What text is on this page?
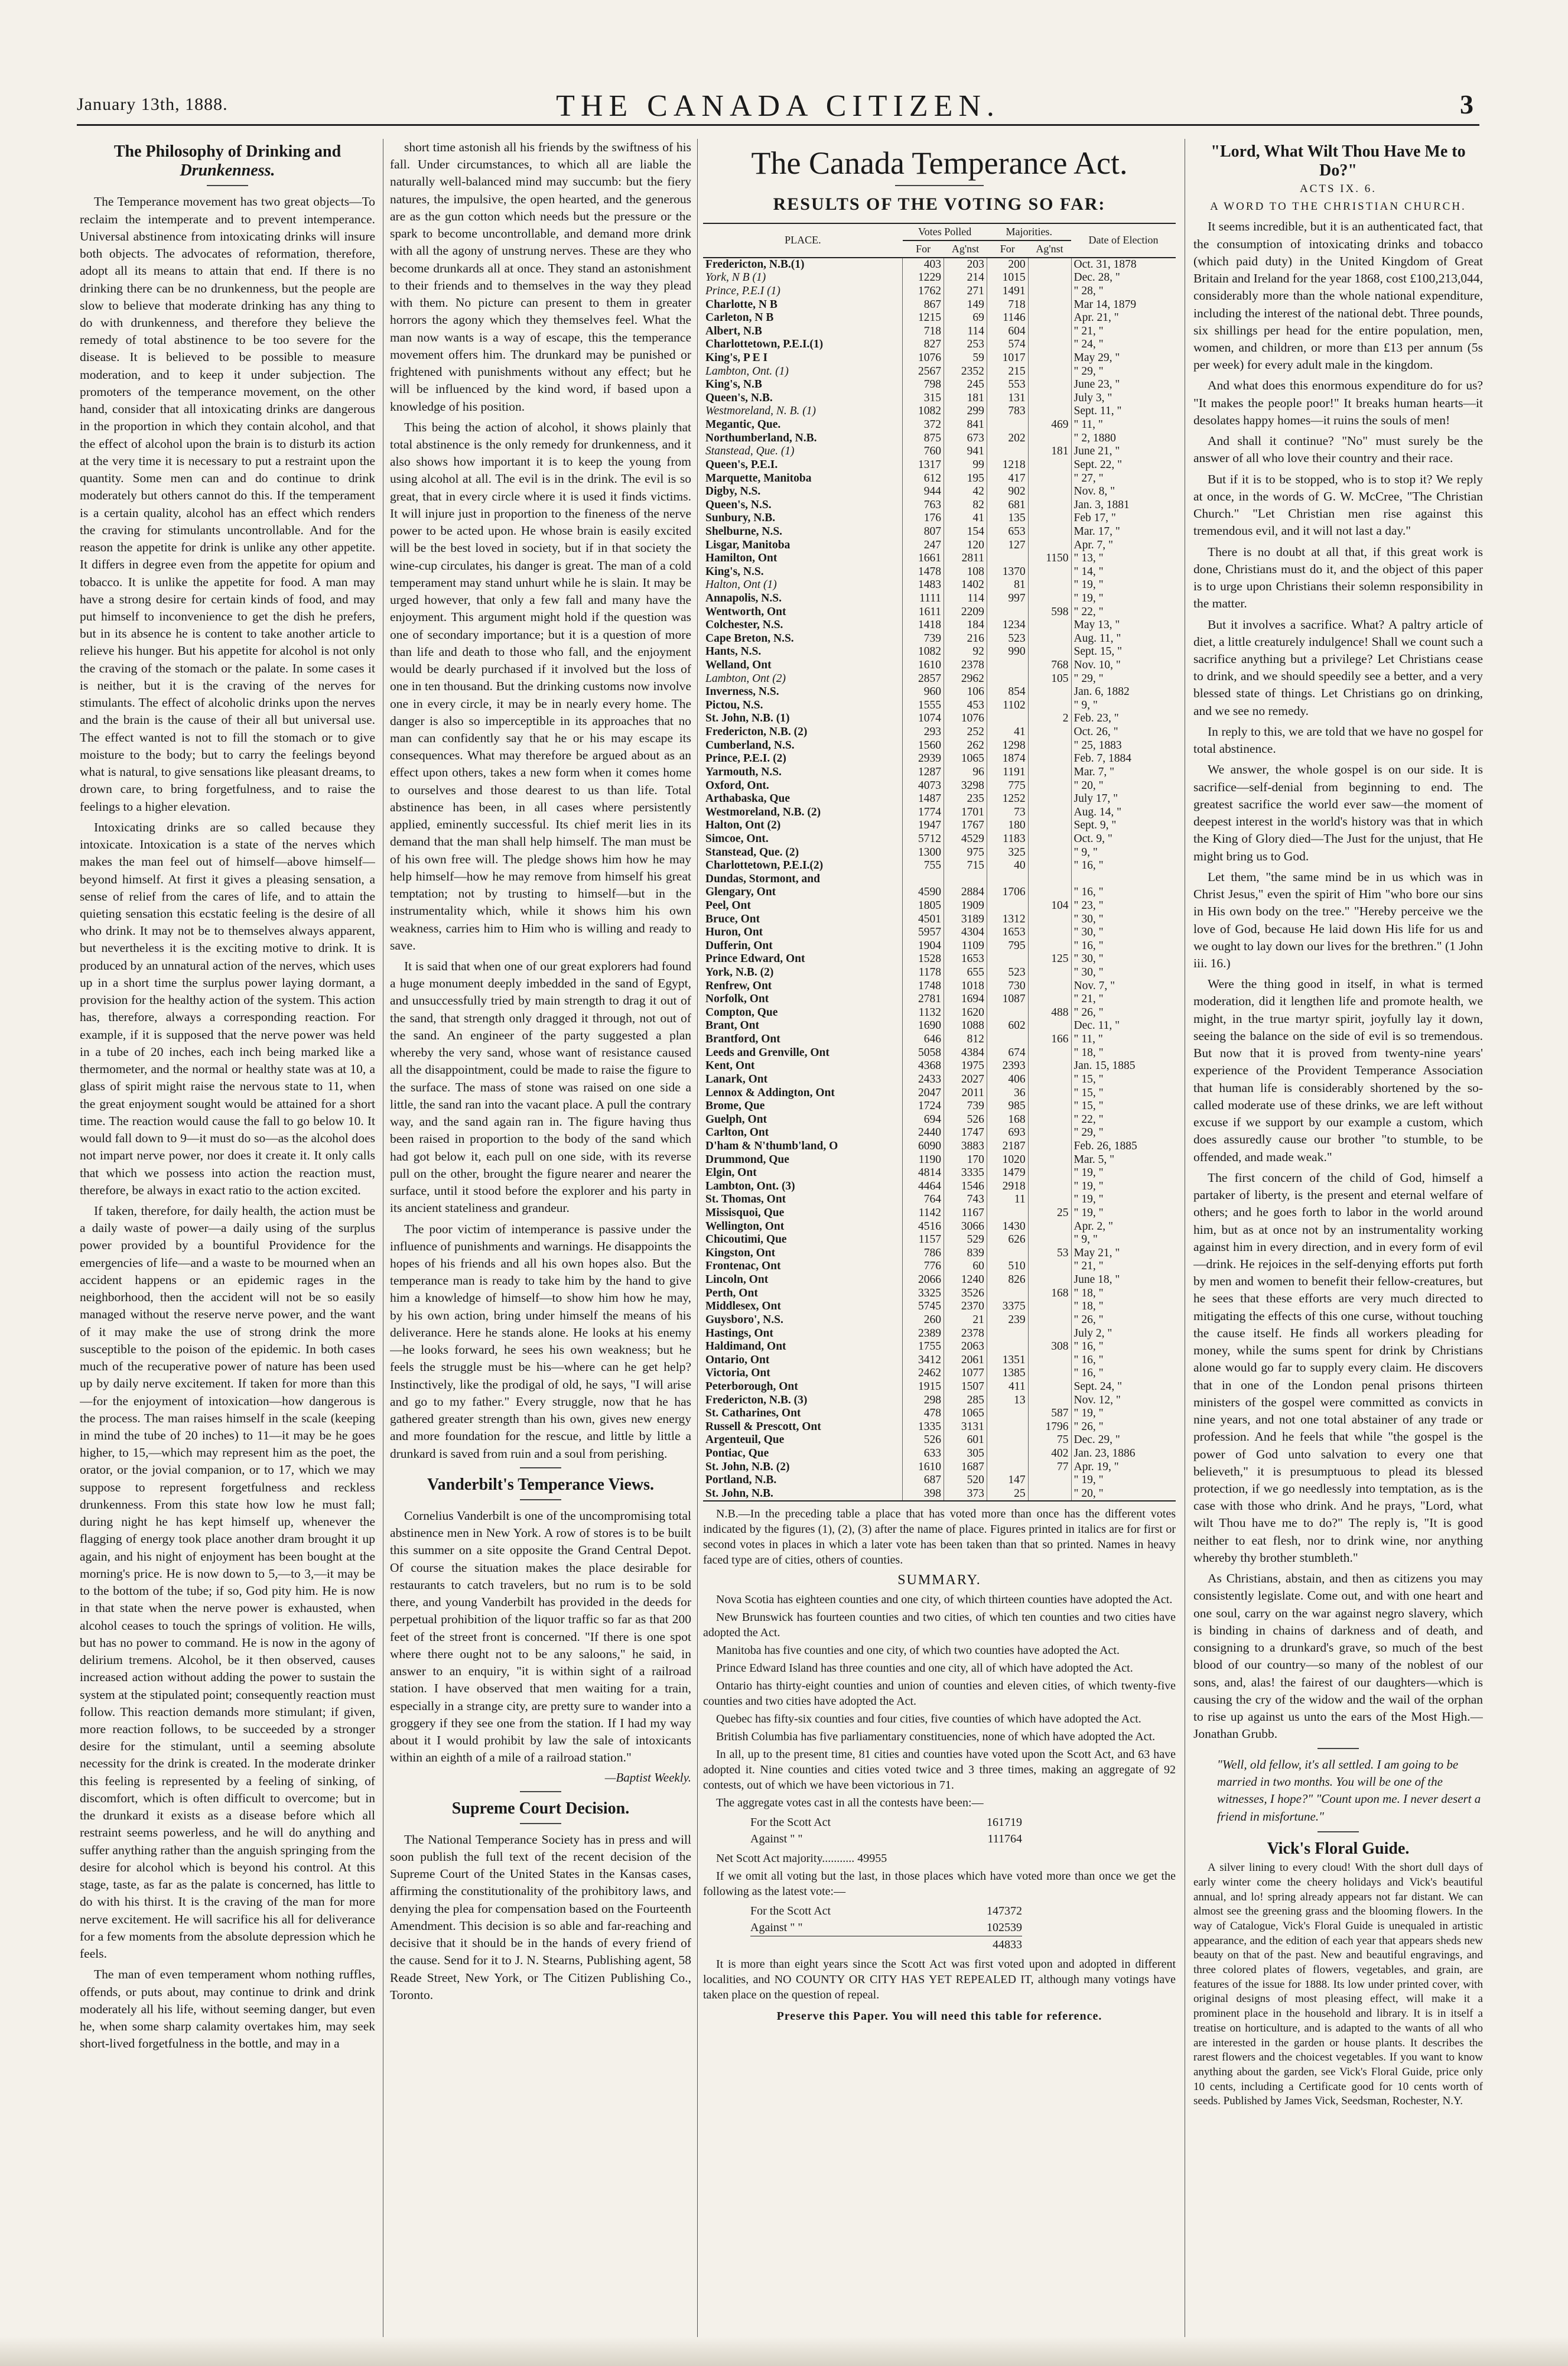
January 13th, 1888.	THE CANADA CITIZEN.	3
The Philosophy of Drinking and
Drunkenness.

The Temperance movement has two great objects—To reclaim the intemperate and to prevent intemperance. Universal abstinence from intoxicating drinks will insure both objects. The advocates of reformation, therefore, adopt all its means to attain that end. If there is no drinking there can be no drunkenness, but the people are slow to believe that moderate drinking has any thing to do with drunkenness, and therefore they believe the remedy of total abstinence to be too severe for the disease. It is believed to be possible to measure moderation, and to keep it under subjection. The promoters of the temperance movement, on the other hand, consider that all intoxicating drinks are dangerous in the proportion in which they contain alcohol, and that the effect of alcohol upon the brain is to disturb its action at the very time it is necessary to put a restraint upon the quantity. Some men can and do continue to drink moderately but others cannot do this. If the temperament is a certain quality, alcohol has an effect which renders the craving for stimulants uncontrollable. And for the reason the appetite for drink is unlike any other appetite. It differs in degree even from the appetite for opium and tobacco. It is unlike the appetite for food. A man may have a strong desire for certain kinds of food, and may put himself to inconvenience to get the dish he prefers, but in its absence he is content to take another article to relieve his hunger. But his appetite for alcohol is not only the craving of the stomach or the palate. In some cases it is neither, but it is the craving of the nerves for stimulants. The effect of alcoholic drinks upon the nerves and the brain is the cause of their all but universal use. The effect wanted is not to fill the stomach or to give moisture to the body; but to carry the feelings beyond what is natural, to give sensations like pleasant dreams, to drown care, to bring forgetfulness, and to raise the feelings to a higher elevation.

Intoxicating drinks are so called because they intoxicate. Intoxication is a state of the nerves which makes the man feel out of himself—above himself—beyond himself. At first it gives a pleasing sensation, a sense of relief from the cares of life, and to attain the quieting sensation this ecstatic feeling is the desire of all who drink. It may not be to themselves always apparent, but nevertheless it is the exciting motive to drink. It is produced by an unnatural action of the nerves, which uses up in a short time the surplus power laying dormant, a provision for the healthy action of the system. This action has, therefore, always a corresponding reaction. For example, if it is supposed that the nerve power was held in a tube of 20 inches, each inch being marked like a thermometer, and the normal or healthy state was at 10, a glass of spirit might raise the nervous state to 11, when the great enjoyment sought would be attained for a short time. The reaction would cause the fall to go below 10. It would fall down to 9—it must do so—as the alcohol does not impart nerve power, nor does it create it. It only calls that which we possess into action the reaction must, therefore, be always in exact ratio to the action excited.

If taken, therefore, for daily health, the action must be a daily waste of power—a daily using of the surplus power provided by a bountiful Providence for the emergencies of life—and a waste to be mourned when an accident happens or an epidemic rages in the neighborhood, then the accident will not be so easily managed without the reserve nerve power, and the want of it may make the use of strong drink the more susceptible to the poison of the epidemic. In both cases much of the recuperative power of nature has been used up by daily nerve excitement. If taken for more than this—for the enjoyment of intoxication—how dangerous is the process. The man raises himself in the scale (keeping in mind the tube of 20 inches) to 11—it may be he goes higher, to 15,—which may represent him as the poet, the orator, or the jovial companion, or to 17, which we may suppose to represent forgetfulness and reckless drunkenness. From this state how low he must fall; during night he has kept himself up, whenever the flagging of energy took place another dram brought it up again, and his night of enjoyment has been bought at the morning's price. He is now down to 5,—to 3,—it may be to the bottom of the tube; if so, God pity him. He is now in that state when the nerve power is exhausted, when alcohol ceases to touch the springs of volition. He wills, but has no power to command. He is now in the agony of delirium tremens. Alcohol, be it then observed, causes increased action without adding the power to sustain the system at the stipulated point; consequently reaction must follow. This reaction demands more stimulant; if given, more reaction follows, to be succeeded by a stronger desire for the stimulant, until a seeming absolute necessity for the drink is created. In the moderate drinker this feeling is represented by a feeling of sinking, of discomfort, which is often difficult to overcome; but in the drunkard it exists as a disease before which all restraint seems powerless, and he will do anything and suffer anything rather than the anguish springing from the desire for alcohol which is beyond his control. At this stage, taste, as far as the palate is concerned, has little to do with his thirst. It is the craving of the man for more nerve excitement. He will sacrifice his all for deliverance for a few moments from the absolute depression which he feels.

The man of even temperament whom nothing ruffles, offends, or puts about, may continue to drink and drink moderately all his life, without seeming danger, but even he, when some sharp calamity overtakes him, may seek short-lived forgetfulness in the bottle, and may in a

short time astonish all his friends by the swiftness of his fall. Under circumstances, to which all are liable the naturally well-balanced mind may succumb: but the fiery natures, the impulsive, the open hearted, and the generous are as the gun cotton which needs but the pressure or the spark to become uncontrollable, and demand more drink with all the agony of unstrung nerves. These are they who become drunkards all at once. They stand an astonishment to their friends and to themselves in the way they plead with them. No picture can present to them in greater horrors the agony which they themselves feel. What the man now wants is a way of escape, this the temperance movement offers him. The drunkard may be punished or frightened with punishments without any effect; but he will be influenced by the kind word, if based upon a knowledge of his position.

This being the action of alcohol, it shows plainly that total abstinence is the only remedy for drunkenness, and it also shows how important it is to keep the young from using alcohol at all. The evil is in the drink. The evil is so great, that in every circle where it is used it finds victims. It will injure just in proportion to the fineness of the nerve power to be acted upon. He whose brain is easily excited will be the best loved in society, but if in that society the wine-cup circulates, his danger is great. The man of a cold temperament may stand unhurt while he is slain. It may be urged however, that only a few fall and many have the enjoyment. This argument might hold if the question was one of secondary importance; but it is a question of more than life and death to those who fall, and the enjoyment would be dearly purchased if it involved but the loss of one in ten thousand. But the drinking customs now involve one in every circle, it may be in nearly every home. The danger is also so imperceptible in its approaches that no man can confidently say that he or his may escape its consequences. What may therefore be argued about as an effect upon others, takes a new form when it comes home to ourselves and those dearest to us than life. Total abstinence has been, in all cases where persistently applied, eminently successful. Its chief merit lies in its demand that the man shall help himself. The man must be of his own free will. The pledge shows him how he may help himself—how he may remove from himself his great temptation; not by trusting to himself—but in the instrumentality which, while it shows him his own weakness, carries him to Him who is willing and ready to save.

It is said that when one of our great explorers had found a huge monument deeply imbedded in the sand of Egypt, and unsuccessfully tried by main strength to drag it out of the sand, that strength only dragged it through, not out of the sand. An engineer of the party suggested a plan whereby the very sand, whose want of resistance caused all the disappointment, could be made to raise the figure to the surface. The mass of stone was raised on one side a little, the sand ran into the vacant place. A pull the contrary way, and the sand again ran in. The figure having thus been raised in proportion to the body of the sand which had got below it, each pull on one side, with its reverse pull on the other, brought the figure nearer and nearer the surface, until it stood before the explorer and his party in its ancient stateliness and grandeur.

The poor victim of intemperance is passive under the influence of punishments and warnings. He disappoints the hopes of his friends and all his own hopes also. But the temperance man is ready to take him by the hand to give him a knowledge of himself—to show him how he may, by his own action, bring under himself the means of his deliverance. Here he stands alone. He looks at his enemy—he looks forward, he sees his own weakness; but he feels the struggle must be his—where can he get help? Instinctively, like the prodigal of old, he says, "I will arise and go to my father." Every struggle, now that he has gathered greater strength than his own, gives new energy and more foundation for the rescue, and little by little a drunkard is saved from ruin and a soul from perishing.

Vanderbilt's Temperance Views.

Cornelius Vanderbilt is one of the uncompromising total abstinence men in New York. A row of stores is to be built this summer on a site opposite the Grand Central Depot. Of course the situation makes the place desirable for restaurants to catch travelers, but no rum is to be sold there, and young Vanderbilt has provided in the deeds for perpetual prohibition of the liquor traffic so far as that 200 feet of the street front is concerned. "If there is one spot where there ought not to be any saloons," he said, in answer to an enquiry, "it is within sight of a railroad station. I have observed that men waiting for a train, especially in a strange city, are pretty sure to wander into a groggery if they see one from the station. If I had my way about it I would prohibit by law the sale of intoxicants within an eighth of a mile of a railroad station."

—Baptist Weekly.

Supreme Court Decision.

The National Temperance Society has in press and will soon publish the full text of the recent decision of the Supreme Court of the United States in the Kansas cases, affirming the constitutionality of the prohibitory laws, and denying the plea for compensation based on the Fourteenth Amendment. This decision is so able and far-reaching and decisive that it should be in the hands of every friend of the cause. Send for it to J. N. Stearns, Publishing agent, 58 Reade Street, New York, or The Citizen Publishing Co., Toronto.

The Canada Temperance Act.
RESULTS OF THE VOTING SO FAR:
PLACE.	Votes Polled		Majorities.		Date of Election
	For	Ag'nst	For	Ag'nst	
Fredericton, N.B.(1)	403	203	200		Oct. 31, 1878
York, N B (1)	1229	214	1015		Dec. 28, "
Prince, P.E.I (1)	1762	271	1491		" 28, "
Charlotte, N B	867	149	718		Mar 14, 1879
Carleton, N B	1215	69	1146		Apr. 21, "
Albert, N.B	718	114	604		" 21, "
Charlottetown, P.E.I.(1)	827	253	574		" 24, "
King's, P E I	1076	59	1017		May 29, "
Lambton, Ont. (1)	2567	2352	215		" 29, "
King's, N.B	798	245	553		June 23, "
Queen's, N.B.	315	181	131		July 3, "
Westmoreland, N. B. (1)	1082	299	783		Sept. 11, "
Megantic, Que.	372	841		469	" 11, "
Northumberland, N.B.	875	673	202		" 2, 1880
Stanstead, Que. (1)	760	941		181	June 21, "
Queen's, P.E.I.	1317	99	1218		Sept. 22, "
Marquette, Manitoba	612	195	417		" 27, "
Digby, N.S.	944	42	902		Nov. 8, "
Queen's, N.S.	763	82	681		Jan. 3, 1881
Sunbury, N.B.	176	41	135		Feb 17, "
Shelburne, N.S.	807	154	653		Mar. 17, "
Lisgar, Manitoba	247	120	127		Apr. 7, "
Hamilton, Ont	1661	2811		1150	" 13, "
King's, N.S.	1478	108	1370		" 14, "
Halton, Ont (1)	1483	1402	81		" 19, "
Annapolis, N.S.	1111	114	997		" 19, "
Wentworth, Ont	1611	2209		598	" 22, "
Colchester, N.S.	1418	184	1234		May 13, "
Cape Breton, N.S.	739	216	523		Aug. 11, "
Hants, N.S.	1082	92	990		Sept. 15, "
Welland, Ont	1610	2378		768	Nov. 10, "
Lambton, Ont (2)	2857	2962		105	" 29, "
Inverness, N.S.	960	106	854		Jan. 6, 1882
Pictou, N.S.	1555	453	1102		" 9, "
St. John, N.B. (1)	1074	1076		2	Feb. 23, "
Fredericton, N.B. (2)	293	252	41		Oct. 26, "
Cumberland, N.S.	1560	262	1298		" 25, 1883
Prince, P.E.I. (2)	2939	1065	1874		Feb. 7, 1884
Yarmouth, N.S.	1287	96	1191		Mar. 7, "
Oxford, Ont.	4073	3298	775		" 20, "
Arthabaska, Que	1487	235	1252		July 17, "
Westmoreland, N.B. (2)	1774	1701	73		Aug. 14, "
Halton, Ont (2)	1947	1767	180		Sept. 9, "
Simcoe, Ont.	5712	4529	1183		Oct. 9, "
Stanstead, Que. (2)	1300	975	325		" 9, "
Charlottetown, P.E.I.(2)	755	715	40		" 16, "
Dundas, Stormont, and					
Glengary, Ont	4590	2884	1706		" 16, "
Peel, Ont	1805	1909		104	" 23, "
Bruce, Ont	4501	3189	1312		" 30, "
Huron, Ont	5957	4304	1653		" 30, "
Dufferin, Ont	1904	1109	795		" 16, "
Prince Edward, Ont	1528	1653		125	" 30, "
York, N.B. (2)	1178	655	523		" 30, "
Renfrew, Ont	1748	1018	730		Nov. 7, "
Norfolk, Ont	2781	1694	1087		" 21, "
Compton, Que	1132	1620		488	" 26, "
Brant, Ont	1690	1088	602		Dec. 11, "
Brantford, Ont	646	812		166	" 11, "
Leeds and Grenville, Ont	5058	4384	674		" 18, "
Kent, Ont	4368	1975	2393		Jan. 15, 1885
Lanark, Ont	2433	2027	406		" 15, "
Lennox & Addington, Ont	2047	2011	36		" 15, "
Brome, Que	1724	739	985		" 15, "
Guelph, Ont	694	526	168		" 22, "
Carlton, Ont	2440	1747	693		" 29, "
D'ham & N'thumb'land, O	6090	3883	2187		Feb. 26, 1885
Drummond, Que	1190	170	1020		Mar. 5, "
Elgin, Ont	4814	3335	1479		" 19, "
Lambton, Ont. (3)	4464	1546	2918		" 19, "
St. Thomas, Ont	764	743	11		" 19, "
Missisquoi, Que	1142	1167		25	" 19, "
Wellington, Ont	4516	3066	1430		Apr. 2, "
Chicoutimi, Que	1157	529	626		" 9, "
Kingston, Ont	786	839		53	May 21, "
Frontenac, Ont	776	60	510		" 21, "
Lincoln, Ont	2066	1240	826		June 18, "
Perth, Ont	3325	3526		168	" 18, "
Middlesex, Ont	5745	2370	3375		" 18, "
Guysboro', N.S.	260	21	239		" 26, "
Hastings, Ont	2389	2378			July 2, "
Haldimand, Ont	1755	2063		308	" 16, "
Ontario, Ont	3412	2061	1351		" 16, "
Victoria, Ont	2462	1077	1385		" 16, "
Peterborough, Ont	1915	1507	411		Sept. 24, "
Fredericton, N.B. (3)	298	285	13		Nov. 12, "
St. Catharines, Ont	478	1065		587	" 19, "
Russell & Prescott, Ont	1335	3131		1796	" 26, "
Argenteuil, Que	526	601		75	Dec. 29, "
Pontiac, Que	633	305		402	Jan. 23, 1886
St. John, N.B. (2)	1610	1687		77	Apr. 19, "
Portland, N.B.	687	520	147		" 19, "
St. John, N.B.	398	373	25		" 20, "

N.B.—In the preceding table a place that has voted more than once has the different votes indicated by the figures (1), (2), (3) after the name of place. Figures printed in italics are for first or second votes in places in which a later vote has been taken than that so printed. Names in heavy faced type are of cities, others of counties.

SUMMARY.

Nova Scotia has eighteen counties and one city, of which thirteen counties have adopted the Act.

New Brunswick has fourteen counties and two cities, of which ten counties and two cities have adopted the Act.

Manitoba has five counties and one city, of which two counties have adopted the Act.

Prince Edward Island has three counties and one city, all of which have adopted the Act.

Ontario has thirty-eight counties and union of counties and eleven cities, of which twenty-five counties and two cities have adopted the Act.

Quebec has fifty-six counties and four cities, five counties of which have adopted the Act.

British Columbia has five parliamentary constituencies, none of which have adopted the Act.

In all, up to the present time, 81 cities and counties have voted upon the Scott Act, and 63 have adopted it. Nine counties and cities voted twice and 3 three times, making an aggregate of 92 contests, out of which we have been victorious in 71.

The aggregate votes cast in all the contests have been:—

For the Scott Act	161719
Against " "	111764

Net Scott Act majority........... 49955

If we omit all voting but the last, in those places which have voted more than once we get the following as the latest vote:—

For the Scott Act	147372
Against " "	102539
44833

It is more than eight years since the Scott Act was first voted upon and adopted in different localities, and NO COUNTY OR CITY HAS YET REPEALED IT, although many votings have taken place on the question of repeal.

Preserve this Paper. You will need this table for reference.
"Lord, What Wilt Thou Have Me to Do?"
ACTS IX. 6.
A WORD TO THE CHRISTIAN CHURCH.

It seems incredible, but it is an authenticated fact, that the consumption of intoxicating drinks and tobacco (which paid duty) in the United Kingdom of Great Britain and Ireland for the year 1868, cost £100,213,044, considerably more than the whole national expenditure, including the interest of the national debt. Three pounds, six shillings per head for the entire population, men, women, and children, or more than £13 per annum (5s per week) for every adult male in the kingdom.

And what does this enormous expenditure do for us? "It makes the people poor!" It breaks human hearts—it desolates happy homes—it ruins the souls of men!

And shall it continue? "No" must surely be the answer of all who love their country and their race.

But if it is to be stopped, who is to stop it? We reply at once, in the words of G. W. McCree, "The Christian Church." "Let Christian men rise against this tremendous evil, and it will not last a day."

There is no doubt at all that, if this great work is done, Christians must do it, and the object of this paper is to urge upon Christians their solemn responsibility in the matter.

But it involves a sacrifice. What? A paltry article of diet, a little creaturely indulgence! Shall we count such a sacrifice anything but a privilege? Let Christians cease to drink, and we should speedily see a better, and a very blessed state of things. Let Christians go on drinking, and we see no remedy.

In reply to this, we are told that we have no gospel for total abstinence.

We answer, the whole gospel is on our side. It is sacrifice—self-denial from beginning to end. The greatest sacrifice the world ever saw—the moment of deepest interest in the world's history was that in which the King of Glory died—The Just for the unjust, that He might bring us to God.

Let them, "the same mind be in us which was in Christ Jesus," even the spirit of Him "who bore our sins in His own body on the tree." "Hereby perceive we the love of God, because He laid down His life for us and we ought to lay down our lives for the brethren." (1 John iii. 16.)

Were the thing good in itself, in what is termed moderation, did it lengthen life and promote health, we might, in the true martyr spirit, joyfully lay it down, seeing the balance on the side of evil is so tremendous. But now that it is proved from twenty-nine years' experience of the Provident Temperance Association that human life is considerably shortened by the so-called moderate use of these drinks, we are left without excuse if we support by our example a custom, which does assuredly cause our brother "to stumble, to be offended, and made weak."

The first concern of the child of God, himself a partaker of liberty, is the present and eternal welfare of others; and he goes forth to labor in the world around him, but as at once not by an instrumentality working against him in every direction, and in every form of evil—drink. He rejoices in the self-denying efforts put forth by men and women to benefit their fellow-creatures, but he sees that these efforts are very much directed to mitigating the effects of this one curse, without touching the cause itself. He finds all workers pleading for money, while the sums spent for drink by Christians alone would go far to supply every claim. He discovers that in one of the London penal prisons thirteen ministers of the gospel were committed as convicts in nine years, and not one total abstainer of any trade or profession. And he feels that while "the gospel is the power of God unto salvation to every one that believeth," it is presumptuous to plead its blessed protection, if we go needlessly into temptation, as is the case with those who drink. And he prays, "Lord, what wilt Thou have me to do?" The reply is, "It is good neither to eat flesh, nor to drink wine, nor anything whereby thy brother stumbleth."

As Christians, abstain, and then as citizens you may consistently legislate. Come out, and with one heart and one soul, carry on the war against negro slavery, which is binding in chains of darkness and of death, and consigning to a drunkard's grave, so much of the best blood of our country—so many of the noblest of our sons, and, alas! the fairest of our daughters—which is causing the cry of the widow and the wail of the orphan to rise up against us unto the ears of the Most High.—Jonathan Grubb.

"Well, old fellow, it's all settled. I am going to be married in two months. You will be one of the witnesses, I hope?" "Count upon me. I never desert a friend in misfortune."

Vick's Floral Guide.

A silver lining to every cloud! With the short dull days of early winter come the cheery holidays and Vick's beautiful annual, and lo! spring already appears not far distant. We can almost see the greening grass and the blooming flowers. In the way of Catalogue, Vick's Floral Guide is unequaled in artistic appearance, and the edition of each year that appears sheds new beauty on that of the past. New and beautiful engravings, and three colored plates of flowers, vegetables, and grain, are features of the issue for 1888. Its low under printed cover, with original designs of most pleasing effect, will make it a prominent place in the household and library. It is in itself a treatise on horticulture, and is adapted to the wants of all who are interested in the garden or house plants. It describes the rarest flowers and the choicest vegetables. If you want to know anything about the garden, see Vick's Floral Guide, price only 10 cents, including a Certificate good for 10 cents worth of seeds. Published by James Vick, Seedsman, Rochester, N.Y.
